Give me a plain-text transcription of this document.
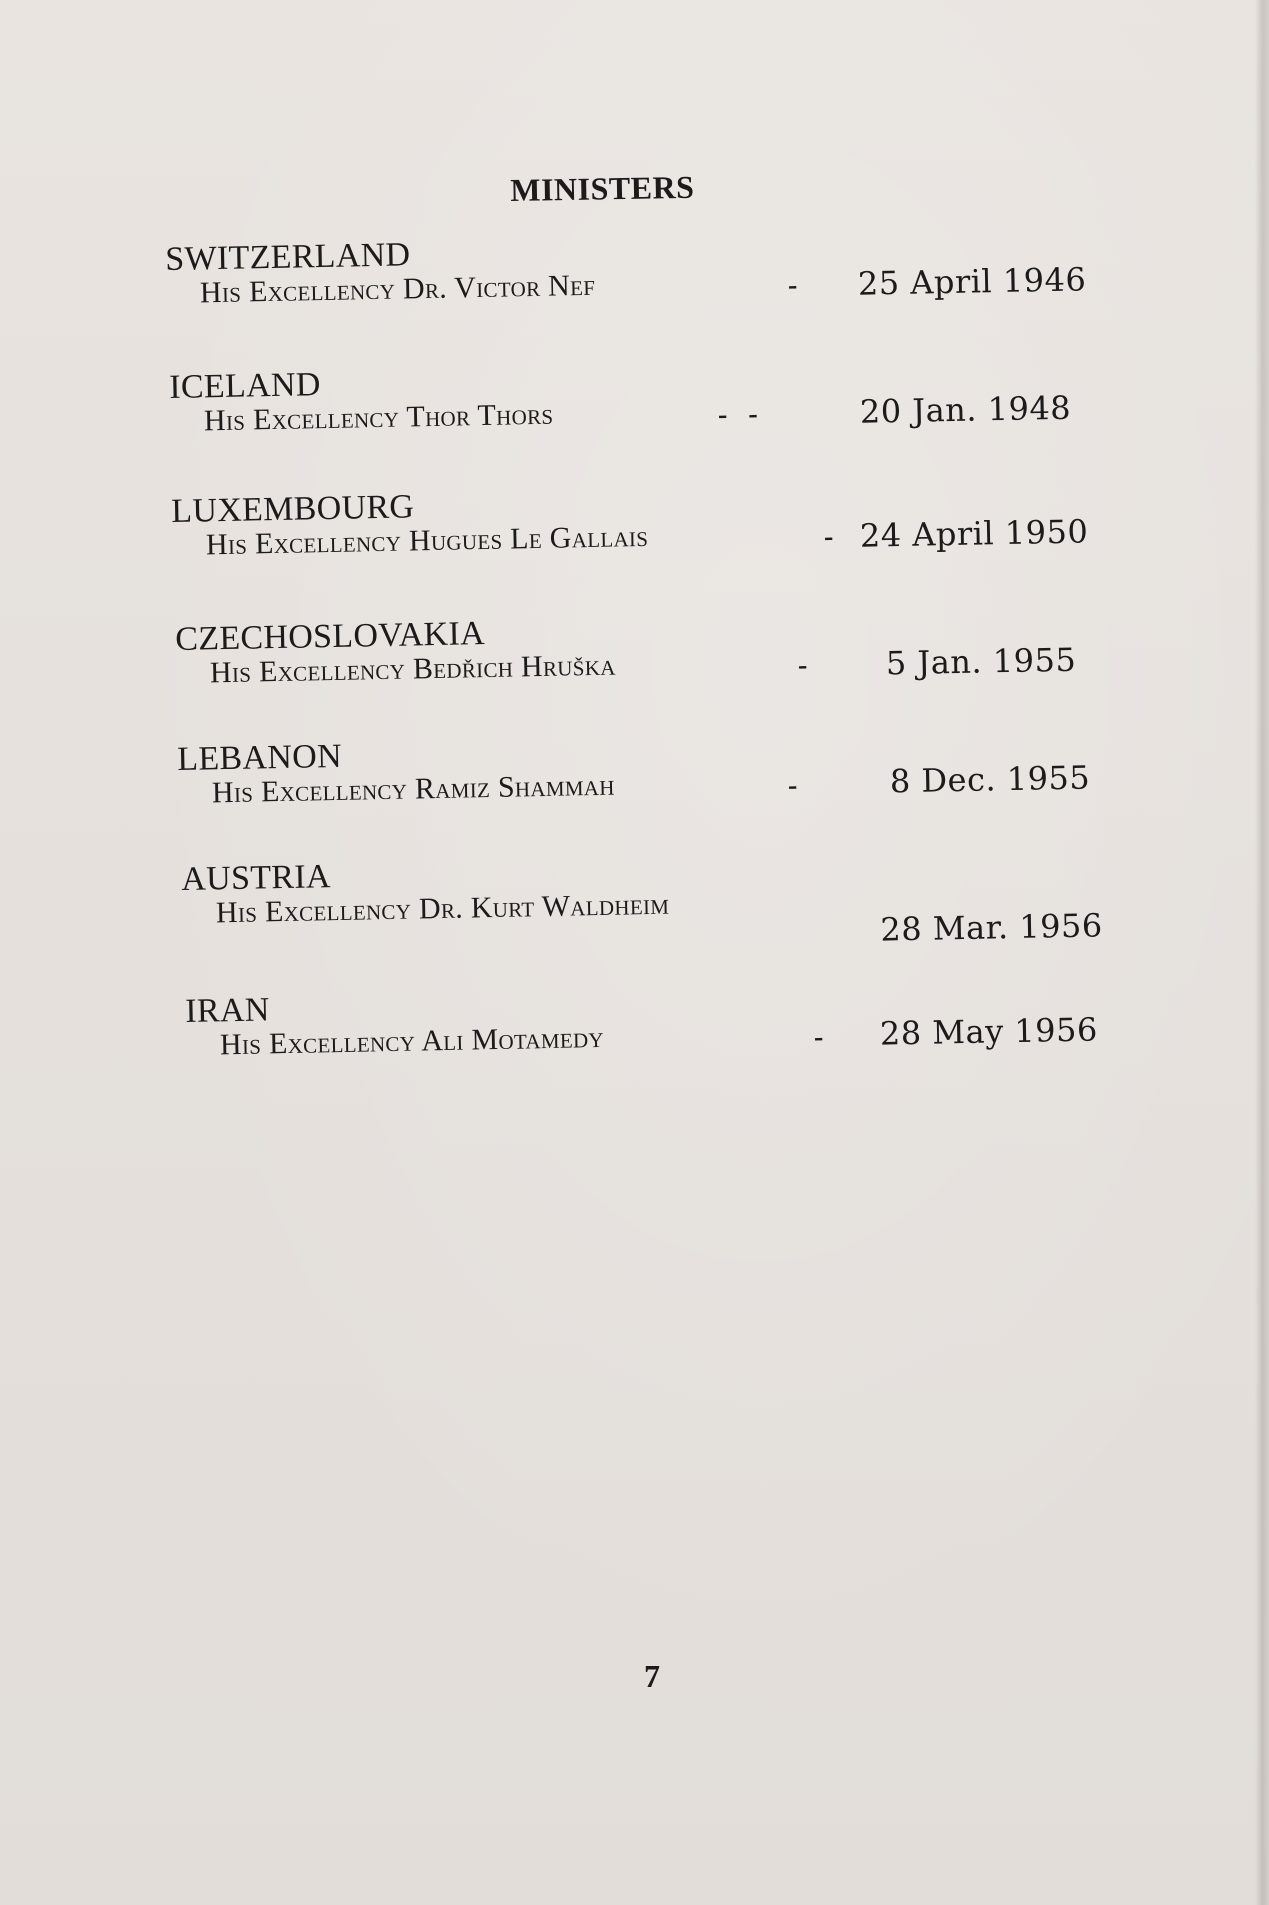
MINISTERS
SWITZERLAND
His Excellency Dr. Victor Nef	- 25 April 1946
ICELAND
His Excellency Thor Thors	-   -	20 Jan. 1948
LUXEMBOURG
His Excellency Hugues Le Gallais	- 24 April 1950
CZECHOSLOVAKIA
His Excellency Bedřich Hruška	- 5 Jan. 1955
LEBANON
His Excellency Ramiz Shammah	-	8 Dec. 1955
AUSTRIA
His Excellency Dr. Kurt Waldheim	28 Mar. 1956
IRAN
His Excellency Ali Motamedy	- 28 May 1956
7
